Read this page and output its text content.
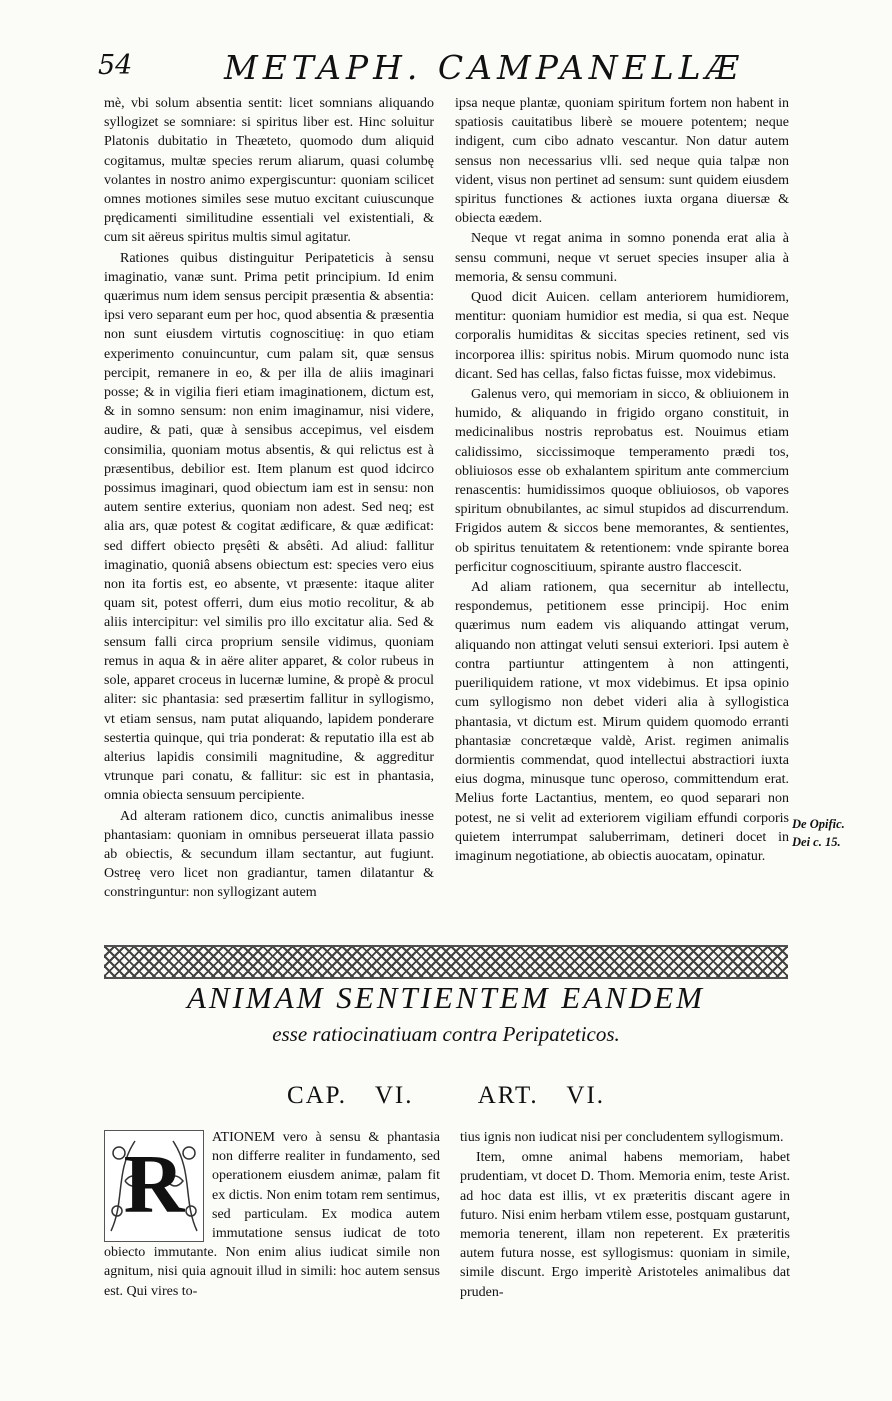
54	METAPH. CAMPANELLÆ

mè, vbi solum absentia sentit: licet somnians aliquando syllogizet se somniare: si spiritus liber est. Hinc soluitur Platonis dubitatio in Theæteto, quomodo dum aliquid cogitamus, multæ species rerum aliarum, quasi columbę volantes in nostro animo expergiscuntur: quoniam scilicet omnes motiones similes sese mutuo excitant cuiuscunque prędicamenti similitudine essentiali vel existentiali, & cum sit aëreus spiritus multis simul agitatur.

Rationes quibus distinguitur Peripateticis à sensu imaginatio, vanæ sunt. Prima petit principium. Id enim quærimus num idem sensus percipit præsentia & absentia: ipsi vero separant eum per hoc, quod absentia & præsentia non sunt eiusdem virtutis cognoscitiuę: in quo etiam experimento conuincuntur, cum palam sit, quæ sensus percipit, remanere in eo, & per illa de aliis imaginari posse; & in vigilia fieri etiam imaginationem, dictum est, & in somno sensum: non enim imaginamur, nisi videre, audire, & pati, quæ à sensibus accepimus, vel eisdem consimilia, quoniam motus absentis, & qui relictus est à præsentibus, debilior est. Item planum est quod idcirco possimus imaginari, quod obiectum iam est in sensu: non autem sentire exterius, quoniam non adest. Sed neq; est alia ars, quæ potest & cogitat ædificare, & quæ ædificat: sed differt obiecto pręsêti & absêti. Ad aliud: fallitur imaginatio, quoniâ absens obiectum est: species vero eius non ita fortis est, eo absente, vt præsente: itaque aliter quam sit, potest offerri, dum eius motio recolitur, & ab aliis intercipitur: vel similis pro illo excitatur alia. Sed & sensum falli circa proprium sensile vidimus, quoniam remus in aqua & in aëre aliter apparet, & color rubeus in sole, apparet croceus in lucernæ lumine, & propè & procul aliter: sic phantasia: sed præsertim fallitur in syllogismo, vt etiam sensus, nam putat aliquando, lapidem ponderare sestertia quinque, qui tria ponderat: & reputatio illa est ab alterius lapidis consimili magnitudine, & aggreditur vtrunque pari conatu, & fallitur: sic est in phantasia, omnia obiecta sensuum percipiente.

Ad alteram rationem dico, cunctis animalibus inesse phantasiam: quoniam in omnibus perseuerat illata passio ab obiectis, & secundum illam sectantur, aut fugiunt. Ostreę vero licet non gradiantur, tamen dilatantur & constringuntur: non syllogizant autem

ipsa neque plantæ, quoniam spiritum fortem non habent in spatiosis cauitatibus liberè se mouere potentem; neque indigent, cum cibo adnato vescantur. Non datur autem sensus non necessarius vlli. sed neque quia talpæ non vident, visus non pertinet ad sensum: sunt quidem eiusdem spiritus functiones & actiones iuxta organa diuersæ & obiecta eædem.

Neque vt regat anima in somno ponenda erat alia à sensu communi, neque vt seruet species insuper alia à memoria, & sensu communi.

Quod dicit Auicen. cellam anteriorem humidiorem, mentitur: quoniam humidior est media, si qua est. Neque corporalis humiditas & siccitas species retinent, sed vis incorporea illis: spiritus nobis. Mirum quomodo nunc ista dicant. Sed has cellas, falso fictas fuisse, mox videbimus.

Galenus vero, qui memoriam in sicco, & obliuionem in humido, & aliquando in frigido organo constituit, in medicinalibus nostris reprobatus est. Nouimus etiam calidissimo, siccissimoque temperamento prædi tos, obliuiosos esse ob exhalantem spiritum ante commercium renascentis: humidissimos quoque obliuiosos, ob vapores spiritum obnubilantes, ac simul stupidos ad discurrendum. Frigidos autem & siccos bene memorantes, & sentientes, ob spiritus tenuitatem & retentionem: vnde spirante borea perficitur cognoscitiuum, spirante austro flaccescit.

Ad aliam rationem, qua secernitur ab intellectu, respondemus, petitionem esse principij. Hoc enim quærimus num eadem vis aliquando attingat verum, aliquando non attingat veluti sensui exteriori. Ipsi autem è contra partiuntur attingentem à non attingenti, pueriliquidem ratione, vt mox videbimus. Et ipsa opinio cum syllogismo non debet videri alia à syllogistica phantasia, vt dictum est. Mirum quidem quomodo erranti phantasiæ concretæque valdè, Arist. regimen animalis dormientis commendat, quod intellectui abstractiori iuxta eius dogma, minusque tunc operoso, committendum erat. Melius forte Lactantius, mentem, eo quod separari non potest, ne si velit ad exteriorem vigiliam effundi corporis quietem interrumpat saluberrimam, detineri docet in imaginum negotiatione, ab obiectis auocatam, opinatur.

De Opific. Dei c. 15.
ANIMAM SENTIENTEM EANDEM
esse ratiocinatiuam contra Peripateticos.
CAP. VI.	ART. VI.
R

ATIONEM vero à sensu & phantasia non differre realiter in fundamento, sed operationem eiusdem animæ, palam fit ex dictis. Non enim totam rem sentimus, sed particulam. Ex modica autem immutatione sensus iudicat de toto obiecto immutante. Non enim alius iudicat simile non agnitum, nisi quia agnouit illud in simili: hoc autem sensus est. Qui vires to-

tius ignis non iudicat nisi per concludentem syllogismum.

Item, omne animal habens memoriam, habet prudentiam, vt docet D. Thom. Memoria enim, teste Arist. ad hoc data est illis, vt ex præteritis discant agere in futuro. Nisi enim herbam vtilem esse, postquam gustarunt, memoria tenerent, illam non repeterent. Ex præteritis autem futura nosse, est syllogismus: quoniam in simile, simile discunt. Ergo imperitè Aristoteles animalibus dat pruden-
